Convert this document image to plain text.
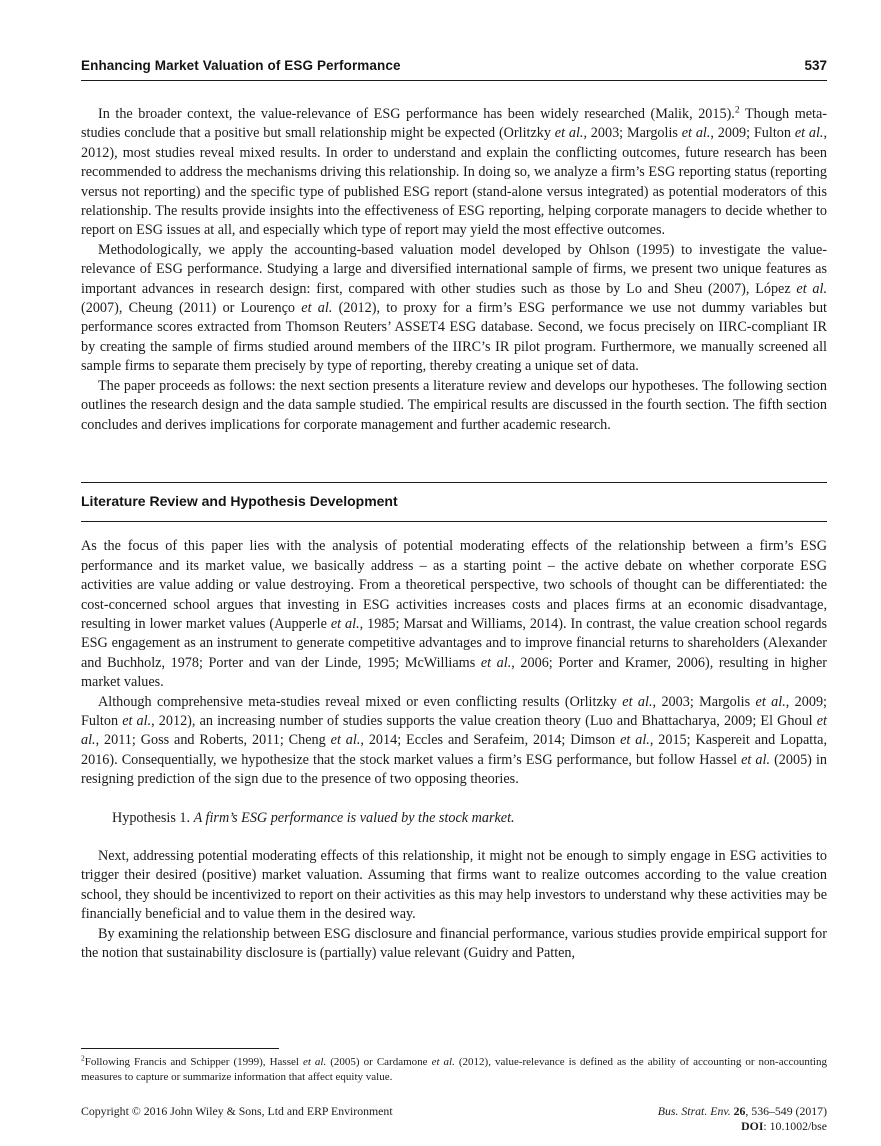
Enhancing Market Valuation of ESG Performance	537

In the broader context, the value-relevance of ESG performance has been widely researched (Malik, 2015).$^2$ Though meta-studies conclude that a positive but small relationship might be expected (Orlitzky et al., 2003; Margolis et al., 2009; Fulton et al., 2012), most studies reveal mixed results. In order to understand and explain the conflicting outcomes, future research has been recommended to address the mechanisms driving this relationship. In doing so, we analyze a firm’s ESG reporting status (reporting versus not reporting) and the specific type of published ESG report (stand-alone versus integrated) as potential moderators of this relationship. The results provide insights into the effectiveness of ESG reporting, helping corporate managers to decide whether to report on ESG issues at all, and especially which type of report may yield the most effective outcomes.

Methodologically, we apply the accounting-based valuation model developed by Ohlson (1995) to investigate the value-relevance of ESG performance. Studying a large and diversified international sample of firms, we present two unique features as important advances in research design: first, compared with other studies such as those by Lo and Sheu (2007), López et al. (2007), Cheung (2011) or Lourenço et al. (2012), to proxy for a firm’s ESG performance we use not dummy variables but performance scores extracted from Thomson Reuters’ ASSET4 ESG database. Second, we focus precisely on IIRC-compliant IR by creating the sample of firms studied around members of the IIRC’s IR pilot program. Furthermore, we manually screened all sample firms to separate them precisely by type of reporting, thereby creating a unique set of data.

The paper proceeds as follows: the next section presents a literature review and develops our hypotheses. The following section outlines the research design and the data sample studied. The empirical results are discussed in the fourth section. The fifth section concludes and derives implications for corporate management and further academic research.

Literature Review and Hypothesis Development

As the focus of this paper lies with the analysis of potential moderating effects of the relationship between a firm’s ESG performance and its market value, we basically address – as a starting point – the active debate on whether corporate ESG activities are value adding or value destroying. From a theoretical perspective, two schools of thought can be differentiated: the cost-concerned school argues that investing in ESG activities increases costs and places firms at an economic disadvantage, resulting in lower market values (Aupperle et al., 1985; Marsat and Williams, 2014). In contrast, the value creation school regards ESG engagement as an instrument to generate competitive advantages and to improve financial returns to shareholders (Alexander and Buchholz, 1978; Porter and van der Linde, 1995; McWilliams et al., 2006; Porter and Kramer, 2006), resulting in higher market values.

Although comprehensive meta-studies reveal mixed or even conflicting results (Orlitzky et al., 2003; Margolis et al., 2009; Fulton et al., 2012), an increasing number of studies supports the value creation theory (Luo and Bhattacharya, 2009; El Ghoul et al., 2011; Goss and Roberts, 2011; Cheng et al., 2014; Eccles and Serafeim, 2014; Dimson et al., 2015; Kaspereit and Lopatta, 2016). Consequentially, we hypothesize that the stock market values a firm’s ESG performance, but follow Hassel et al. (2005) in resigning prediction of the sign due to the presence of two opposing theories.

Hypothesis 1. A firm’s ESG performance is valued by the stock market.

Next, addressing potential moderating effects of this relationship, it might not be enough to simply engage in ESG activities to trigger their desired (positive) market valuation. Assuming that firms want to realize outcomes according to the value creation school, they should be incentivized to report on their activities as this may help investors to understand why these activities may be financially beneficial and to value them in the desired way.

By examining the relationship between ESG disclosure and financial performance, various studies provide empirical support for the notion that sustainability disclosure is (partially) value relevant (Guidry and Patten,

$^2$Following Francis and Schipper (1999), Hassel et al. (2005) or Cardamone et al. (2012), value-relevance is defined as the ability of accounting or non-accounting measures to capture or summarize information that affect equity value.

Copyright © 2016 John Wiley & Sons, Ltd and ERP Environment	Bus. Strat. Env. 26, 536–549 (2017)
DOI: 10.1002/bse
